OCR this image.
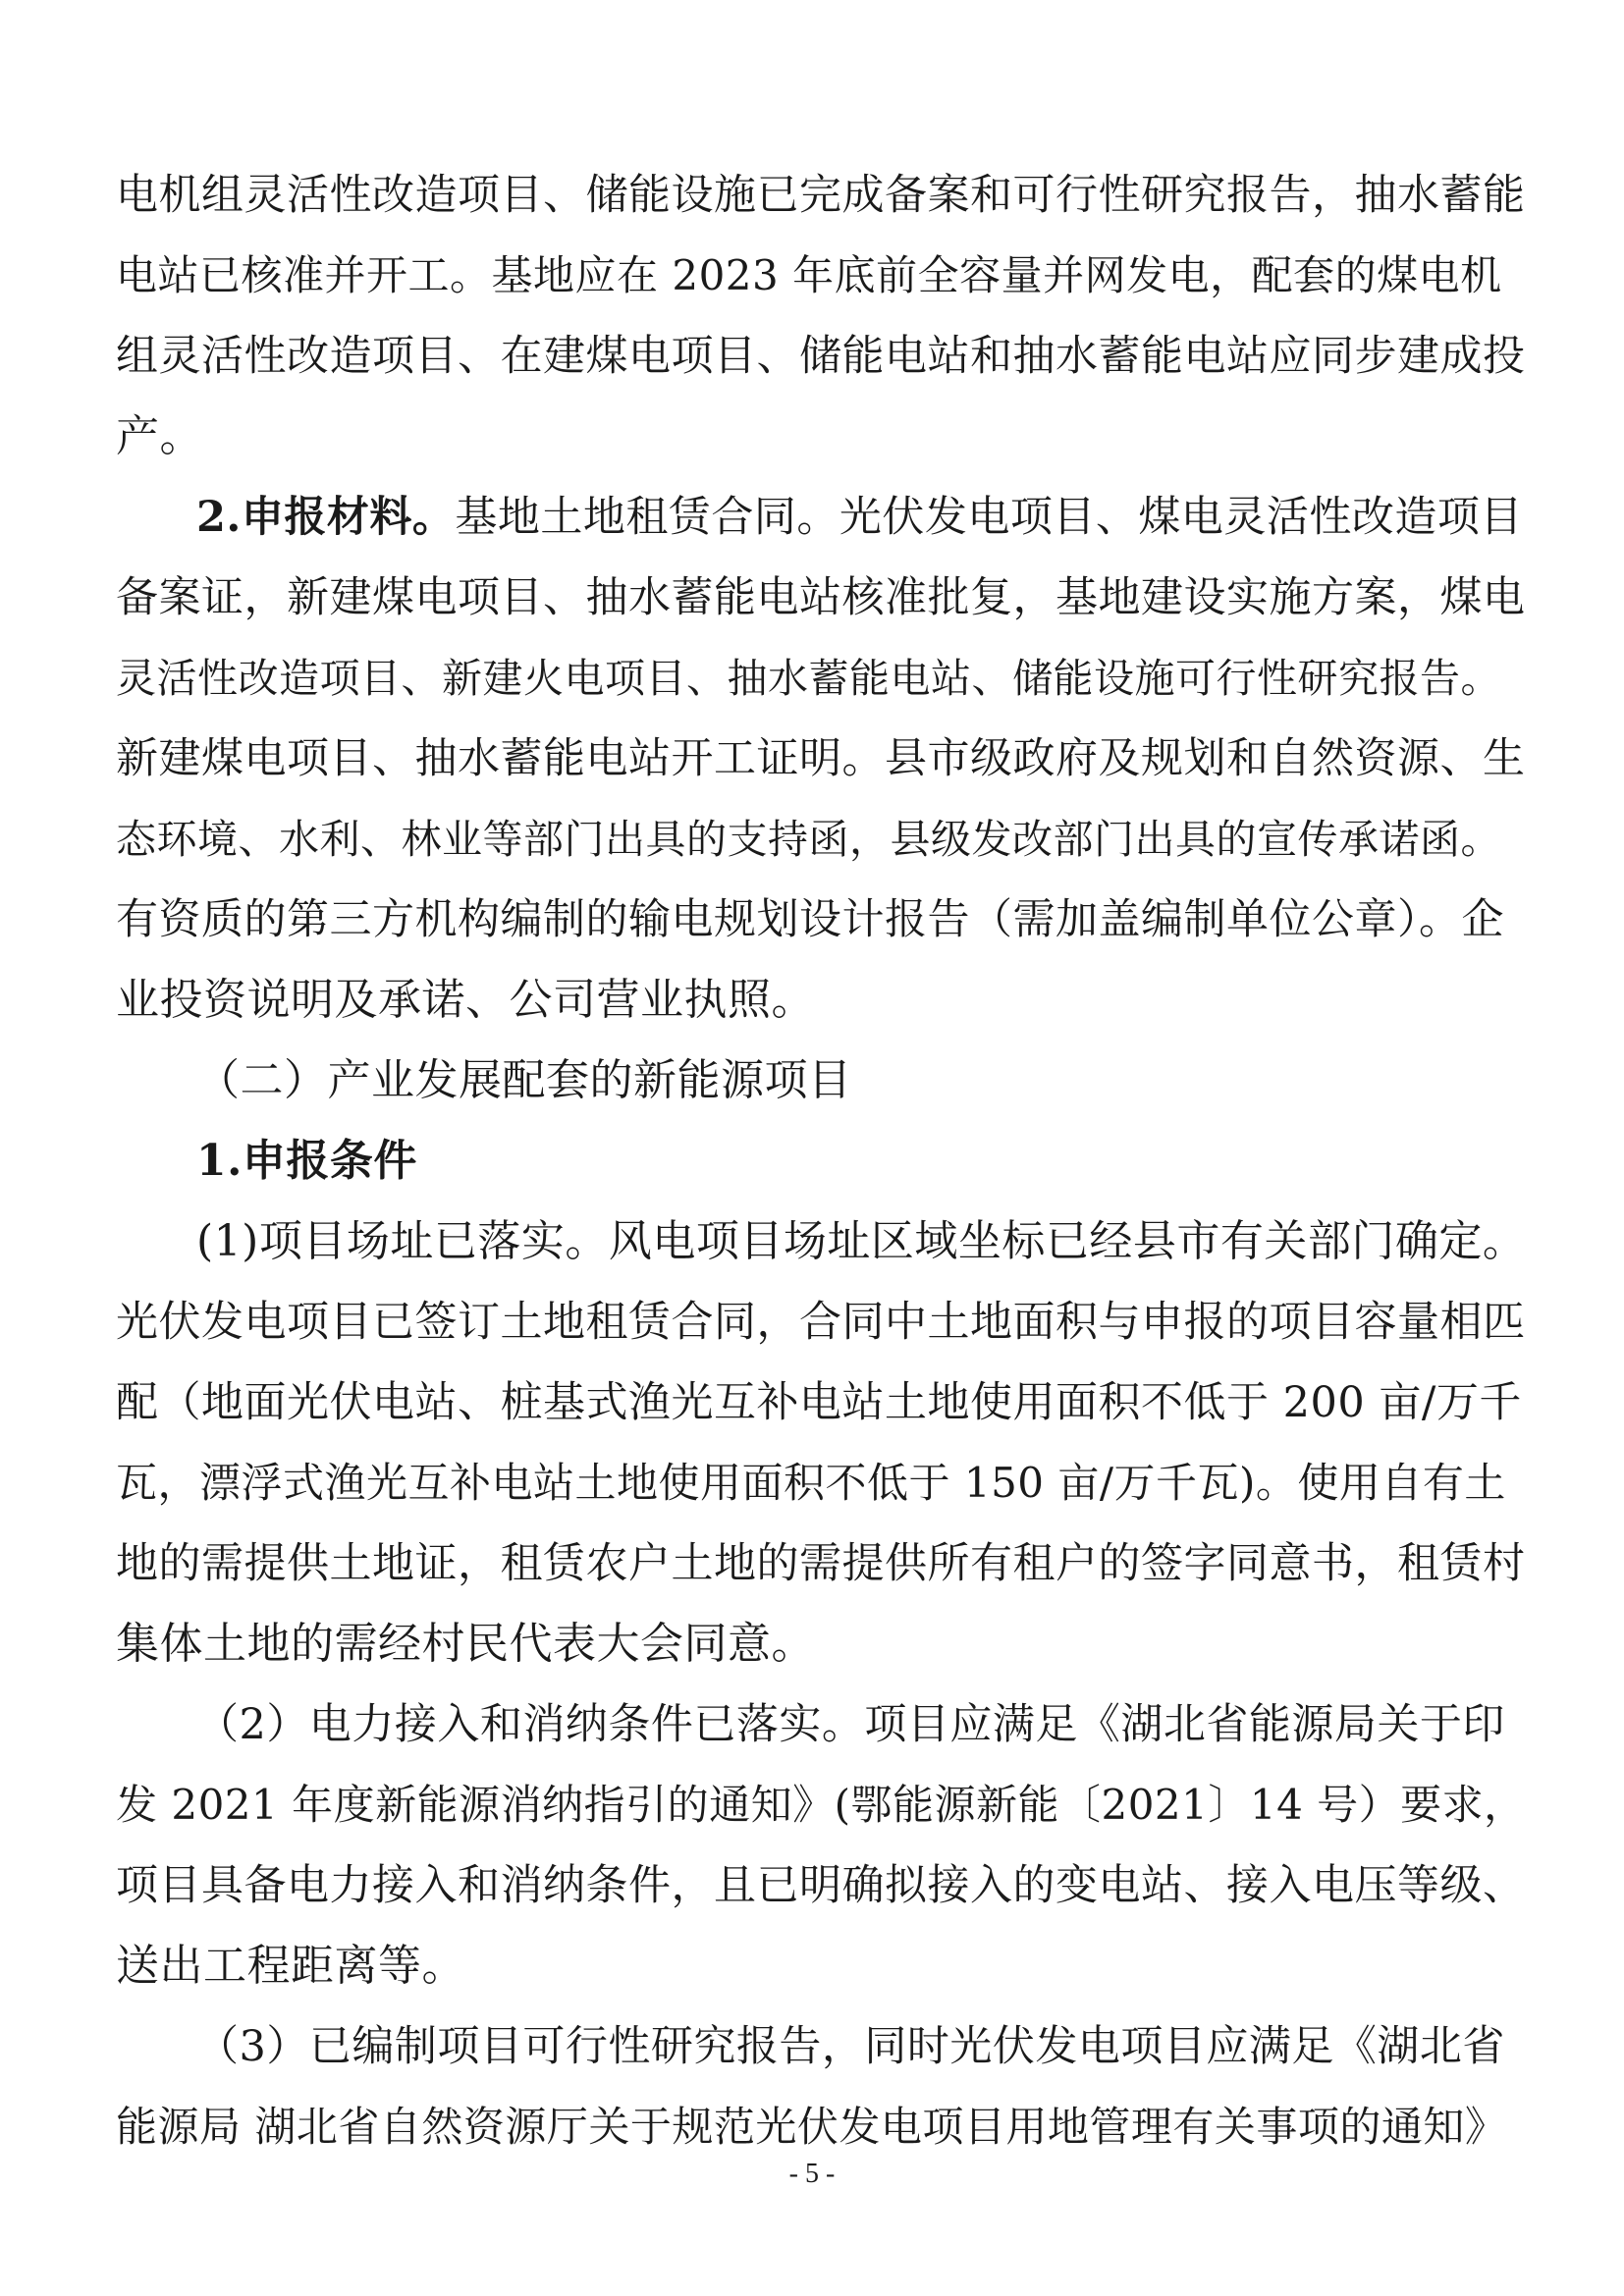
电机组灵活性改造项目、储能设施已完成备案和可行性研究报告，抽水蓄能
电站已核准并开工。基地应在 2023 年底前全容量并网发电，配套的煤电机
组灵活性改造项目、在建煤电项目、储能电站和抽水蓄能电站应同步建成投
产。
2.申报材料。基地土地租赁合同。光伏发电项目、煤电灵活性改造项目
备案证，新建煤电项目、抽水蓄能电站核准批复，基地建设实施方案，煤电
灵活性改造项目、新建火电项目、抽水蓄能电站、储能设施可行性研究报告。
新建煤电项目、抽水蓄能电站开工证明。县市级政府及规划和自然资源、生
态环境、水利、林业等部门出具的支持函，县级发改部门出具的宣传承诺函。
有资质的第三方机构编制的输电规划设计报告（需加盖编制单位公章）。企
业投资说明及承诺、公司营业执照。
（二）产业发展配套的新能源项目
1.申报条件
(1)项目场址已落实。风电项目场址区域坐标已经县市有关部门确定。
光伏发电项目已签订土地租赁合同，合同中土地面积与申报的项目容量相匹
配（地面光伏电站、桩基式渔光互补电站土地使用面积不低于 200 亩/万千
瓦，漂浮式渔光互补电站土地使用面积不低于 150 亩/万千瓦)。使用自有土
地的需提供土地证，租赁农户土地的需提供所有租户的签字同意书，租赁村
集体土地的需经村民代表大会同意。
（2）电力接入和消纳条件已落实。项目应满足《湖北省能源局关于印
发 2021 年度新能源消纳指引的通知》(鄂能源新能〔2021〕14 号）要求，
项目具备电力接入和消纳条件，且已明确拟接入的变电站、接入电压等级、
送出工程距离等。
（3）已编制项目可行性研究报告，同时光伏发电项目应满足《湖北省
能源局 湖北省自然资源厅关于规范光伏发电项目用地管理有关事项的通知》
- 5 -
